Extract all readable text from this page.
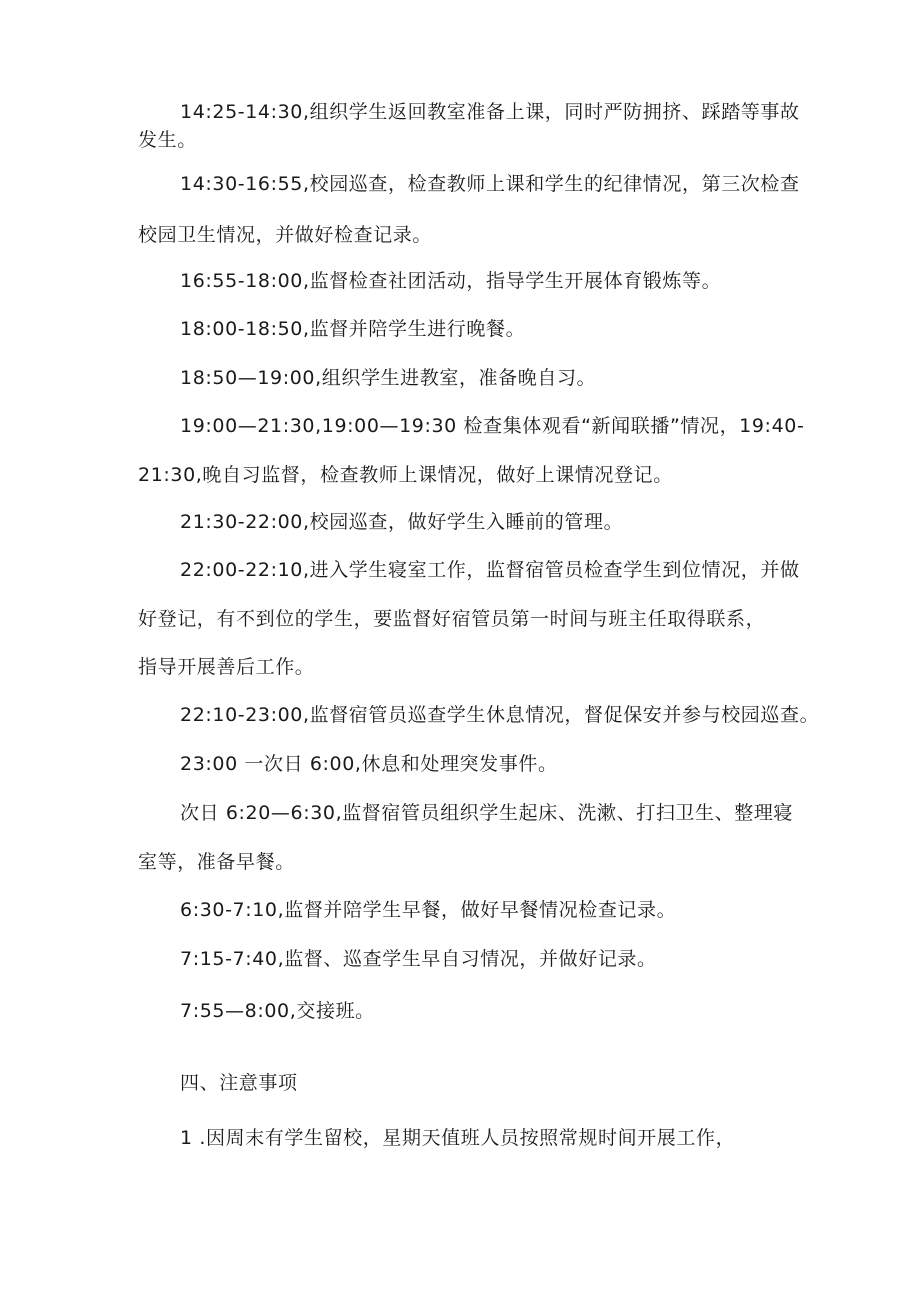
14:25-14:30,组织学生返回教室准备上课，同时严防拥挤、踩踏等事故
发生。

14:30-16:55,校园巡查，检查教师上课和学生的纪律情况，第三次检查
校园卫生情况，并做好检查记录。

16:55-18:00,监督检查社团活动，指导学生开展体育锻炼等。

18:00-18:50,监督并陪学生进行晚餐。

18:50—19:00,组织学生进教室，准备晚自习。

19:00—21:30,19:00—19:30 检查集体观看“新闻联播”情况，19:40-
21:30,晚自习监督，检查教师上课情况，做好上课情况登记。

21:30-22:00,校园巡查，做好学生入睡前的管理。

22:00-22:10,进入学生寝室工作，监督宿管员检查学生到位情况，并做
好登记，有不到位的学生，要监督好宿管员第一时间与班主任取得联系，
指导开展善后工作。

22:10-23:00,监督宿管员巡查学生休息情况，督促保安并参与校园巡查。

23:00 一次日 6:00,休息和处理突发事件。

次日 6:20—6:30,监督宿管员组织学生起床、洗漱、打扫卫生、整理寝
室等，准备早餐。

6:30-7:10,监督并陪学生早餐，做好早餐情况检查记录。

7:15-7:40,监督、巡查学生早自习情况，并做好记录。

7:55—8:00,交接班。

四、注意事项

1 .因周末有学生留校，星期天值班人员按照常规时间开展工作，
